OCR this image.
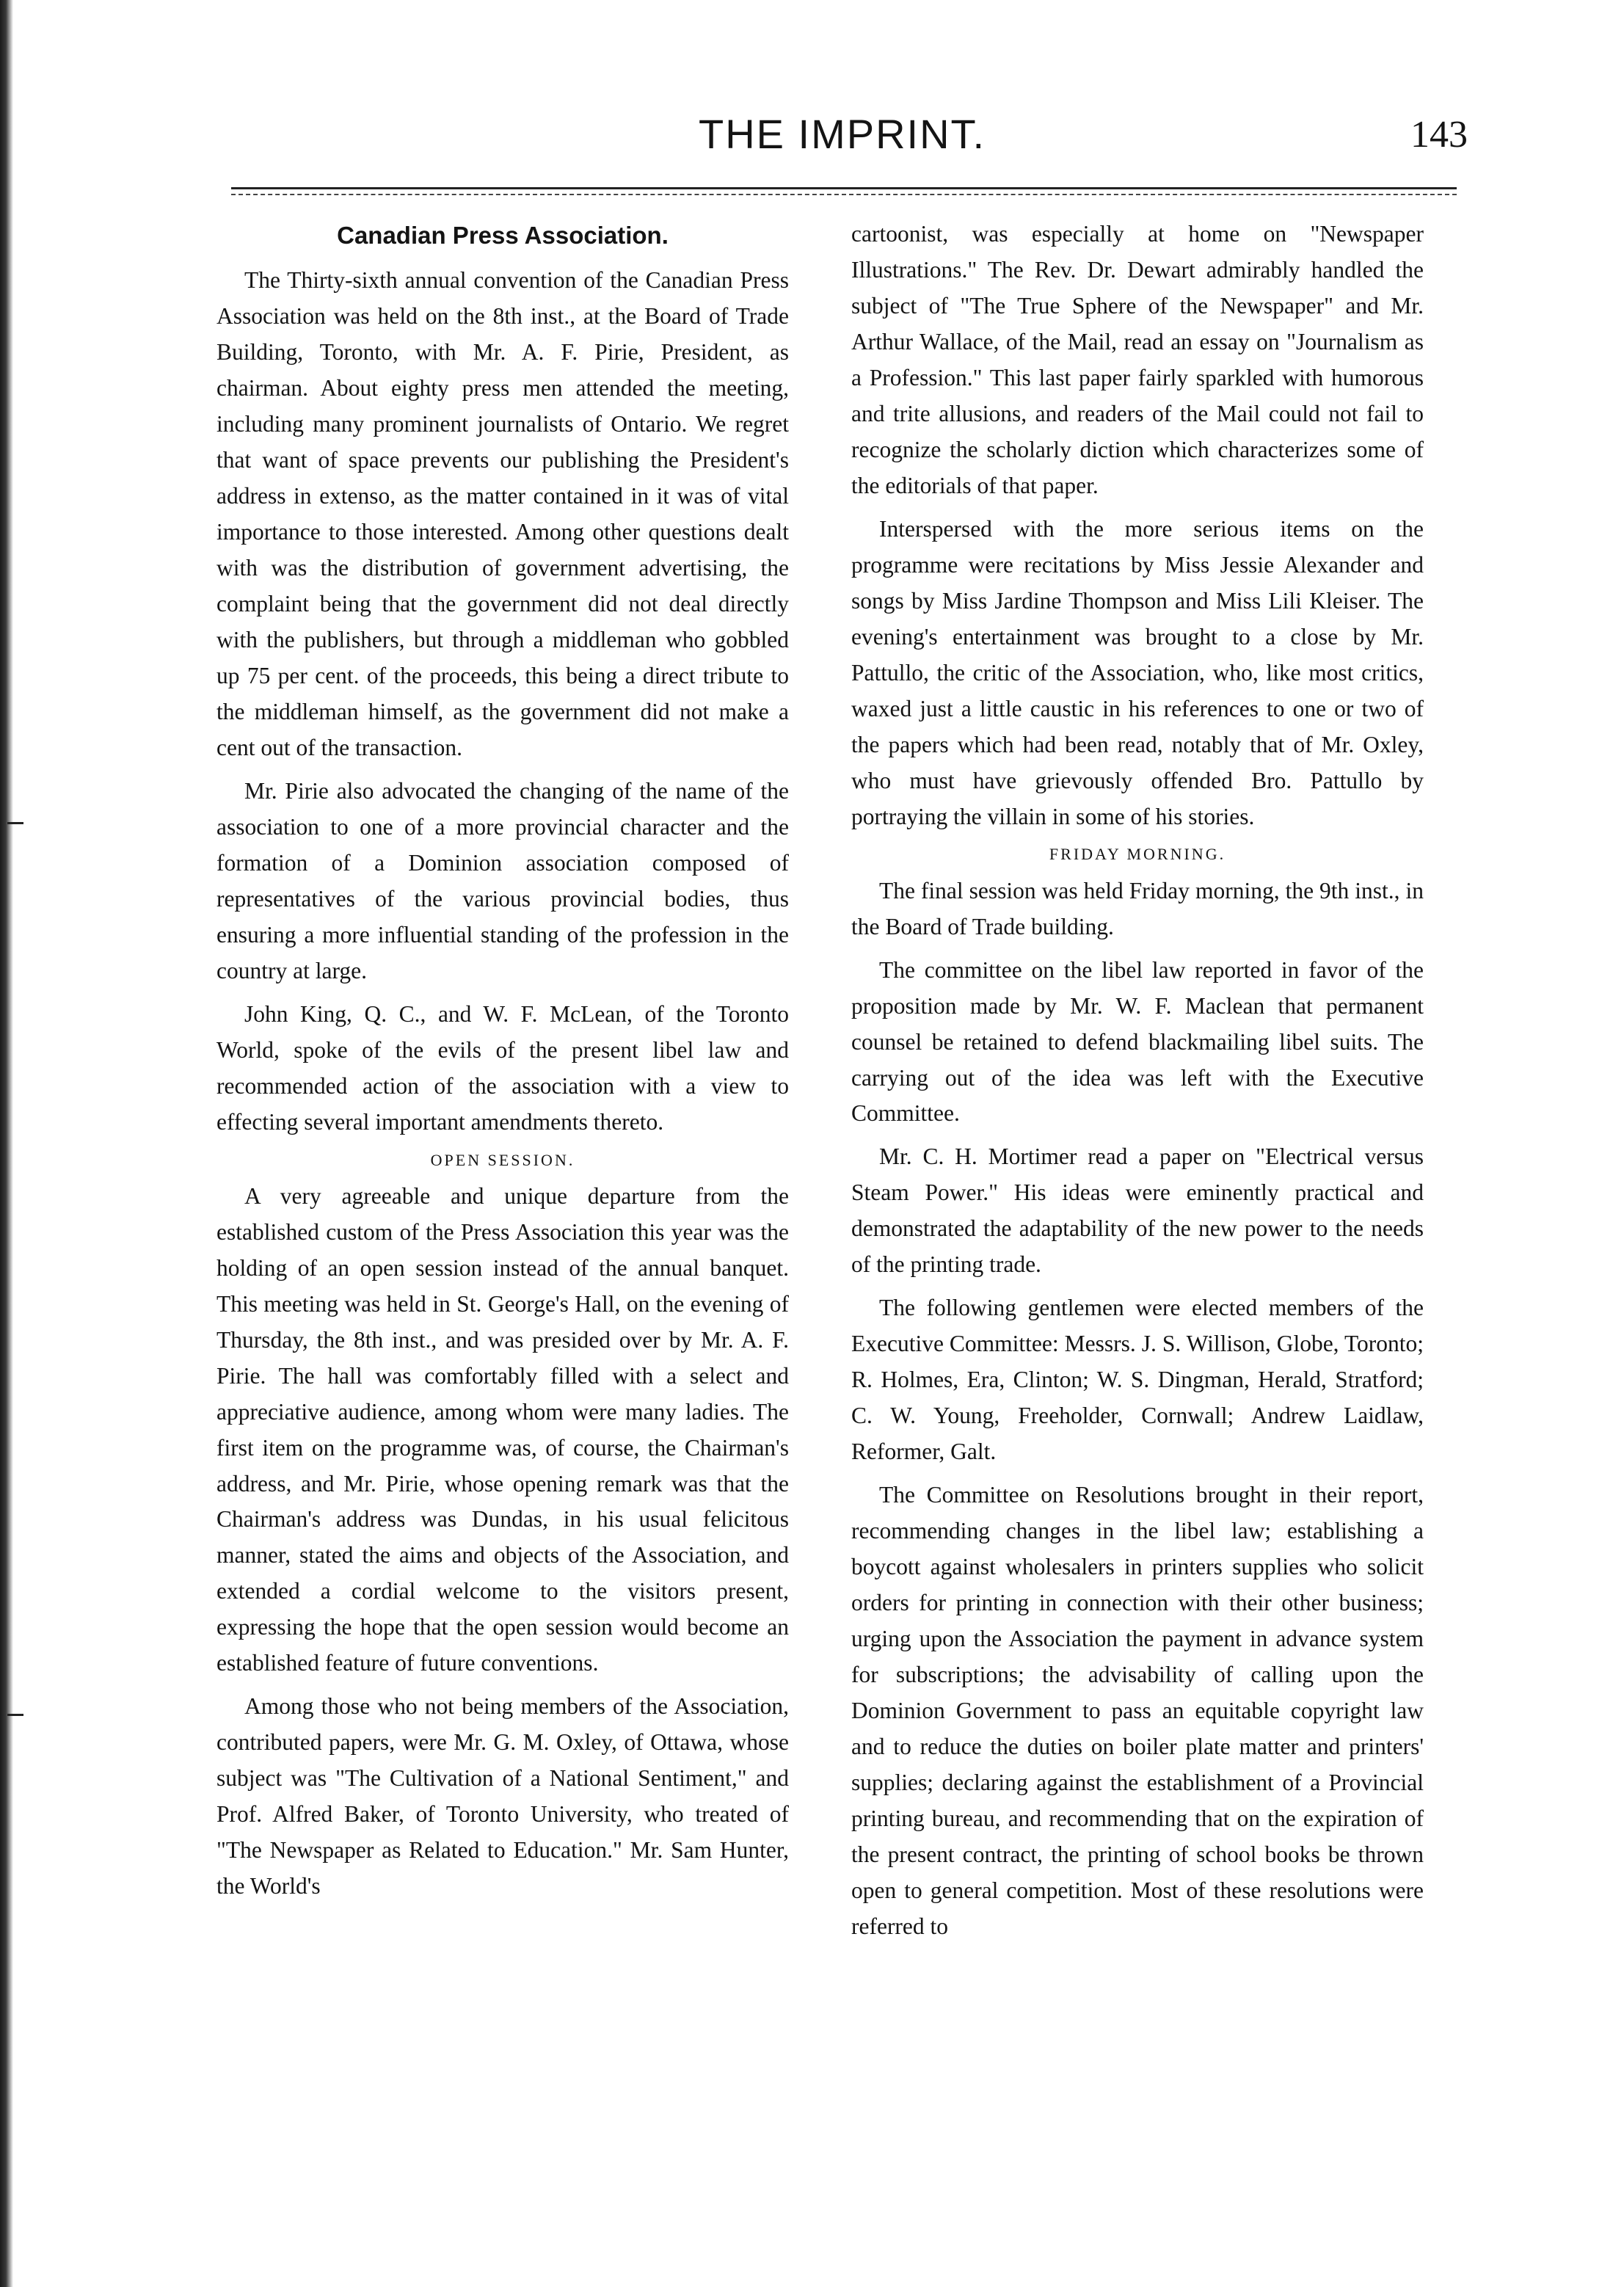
THE IMPRINT.	143
Canadian Press Association.

The Thirty-sixth annual convention of the Canadian Press Association was held on the 8th inst., at the Board of Trade Building, Toronto, with Mr. A. F. Pirie, President, as chairman. About eighty press men attended the meeting, including many prominent journalists of Ontario. We regret that want of space prevents our publishing the President's address in extenso, as the matter contained in it was of vital importance to those interested. Among other questions dealt with was the distribution of government advertising, the complaint being that the government did not deal directly with the publishers, but through a middleman who gobbled up 75 per cent. of the proceeds, this being a direct tribute to the middleman himself, as the government did not make a cent out of the transaction.

Mr. Pirie also advocated the changing of the name of the association to one of a more provincial character and the formation of a Dominion association composed of representatives of the various provincial bodies, thus ensuring a more influential standing of the profession in the country at large.

John King, Q. C., and W. F. McLean, of the Toronto World, spoke of the evils of the present libel law and recommended action of the association with a view to effecting several important amendments thereto.

OPEN SESSION.

A very agreeable and unique departure from the established custom of the Press Association this year was the holding of an open session instead of the annual banquet. This meeting was held in St. George's Hall, on the evening of Thursday, the 8th inst., and was presided over by Mr. A. F. Pirie. The hall was comfortably filled with a select and appreciative audience, among whom were many ladies. The first item on the programme was, of course, the Chairman's address, and Mr. Pirie, whose opening remark was that the Chairman's address was Dundas, in his usual felicitous manner, stated the aims and objects of the Association, and extended a cordial welcome to the visitors present, expressing the hope that the open session would become an established feature of future conventions.

Among those who not being members of the Association, contributed papers, were Mr. G. M. Oxley, of Ottawa, whose subject was "The Cultivation of a National Sentiment," and Prof. Alfred Baker, of Toronto University, who treated of "The Newspaper as Related to Education." Mr. Sam Hunter, the World's

cartoonist, was especially at home on "Newspaper Illustrations." The Rev. Dr. Dewart admirably handled the subject of "The True Sphere of the Newspaper" and Mr. Arthur Wallace, of the Mail, read an essay on "Journalism as a Profession." This last paper fairly sparkled with humorous and trite allusions, and readers of the Mail could not fail to recognize the scholarly diction which characterizes some of the editorials of that paper.

Interspersed with the more serious items on the programme were recitations by Miss Jessie Alexander and songs by Miss Jardine Thompson and Miss Lili Kleiser. The evening's entertainment was brought to a close by Mr. Pattullo, the critic of the Association, who, like most critics, waxed just a little caustic in his references to one or two of the papers which had been read, notably that of Mr. Oxley, who must have grievously offended Bro. Pattullo by portraying the villain in some of his stories.

FRIDAY MORNING.

The final session was held Friday morning, the 9th inst., in the Board of Trade building.

The committee on the libel law reported in favor of the proposition made by Mr. W. F. Maclean that permanent counsel be retained to defend blackmailing libel suits. The carrying out of the idea was left with the Executive Committee.

Mr. C. H. Mortimer read a paper on "Electrical versus Steam Power." His ideas were eminently practical and demonstrated the adaptability of the new power to the needs of the printing trade.

The following gentlemen were elected members of the Executive Committee: Messrs. J. S. Willison, Globe, Toronto; R. Holmes, Era, Clinton; W. S. Dingman, Herald, Stratford; C. W. Young, Freeholder, Cornwall; Andrew Laidlaw, Reformer, Galt.

The Committee on Resolutions brought in their report, recommending changes in the libel law; establishing a boycott against wholesalers in printers supplies who solicit orders for printing in connection with their other business; urging upon the Association the payment in advance system for subscriptions; the advisability of calling upon the Dominion Government to pass an equitable copyright law and to reduce the duties on boiler plate matter and printers' supplies; declaring against the establishment of a Provincial printing bureau, and recommending that on the expiration of the present contract, the printing of school books be thrown open to general competition. Most of these resolutions were referred to
